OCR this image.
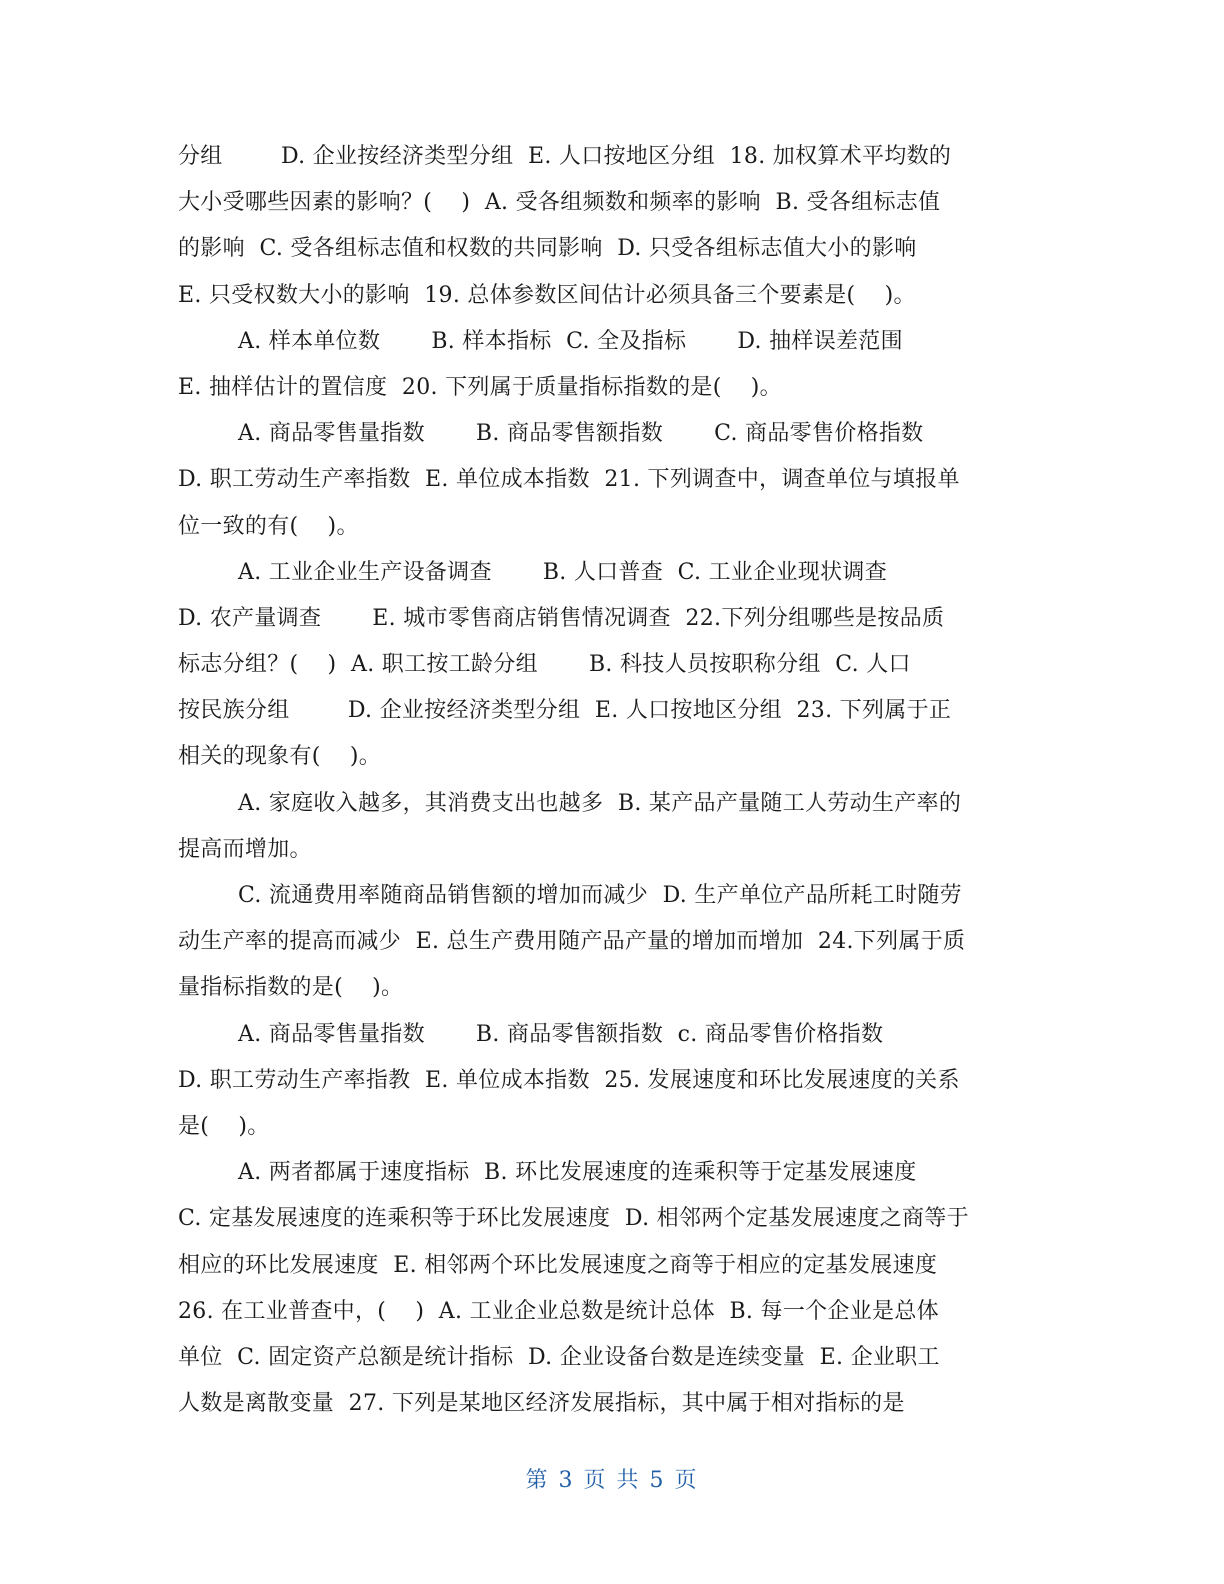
分组        D. 企业按经济类型分组  E. 人口按地区分组  18. 加权算术平均数的
大小受哪些因素的影响？(    )  A. 受各组频数和频率的影响  B. 受各组标志值
的影响  C. 受各组标志值和权数的共同影响  D. 只受各组标志值大小的影响
E. 只受权数大小的影响  19. 总体参数区间估计必须具备三个要素是(    )。
A. 样本单位数       B. 样本指标  C. 全及指标       D. 抽样误差范围
E. 抽样估计的置信度  20. 下列属于质量指标指数的是(    )。
A. 商品零售量指数       B. 商品零售额指数       C. 商品零售价格指数
D. 职工劳动生产率指数  E. 单位成本指数  21. 下列调查中，调查单位与填报单
位一致的有(    )。
A. 工业企业生产设备调查       B. 人口普查  C. 工业企业现状调查
D. 农产量调查       E. 城市零售商店销售情况调查  22.下列分组哪些是按品质
标志分组？(    )  A. 职工按工龄分组       B. 科技人员按职称分组  C. 人口
按民族分组        D. 企业按经济类型分组  E. 人口按地区分组  23. 下列属于正
相关的现象有(    )。
A. 家庭收入越多，其消费支出也越多  B. 某产品产量随工人劳动生产率的
提高而增加。
C. 流通费用率随商品销售额的增加而减少  D. 生产单位产品所耗工时随劳
动生产率的提高而减少  E. 总生产费用随产品产量的增加而增加  24.下列属于质
量指标指数的是(    )。
A. 商品零售量指数       B. 商品零售额指数  c. 商品零售价格指数
D. 职工劳动生产率指教  E. 单位成本指数  25. 发展速度和环比发展速度的关系
是(    )。
A. 两者都属于速度指标  B. 环比发展速度的连乘积等于定基发展速度
C. 定基发展速度的连乘积等于环比发展速度  D. 相邻两个定基发展速度之商等于
相应的环比发展速度  E. 相邻两个环比发展速度之商等于相应的定基发展速度
26. 在工业普查中，(    )  A. 工业企业总数是统计总体  B. 每一个企业是总体
单位  C. 固定资产总额是统计指标  D. 企业设备台数是连续变量  E. 企业职工
人数是离散变量  27. 下列是某地区经济发展指标，其中属于相对指标的是
第 3 页 共 5 页
